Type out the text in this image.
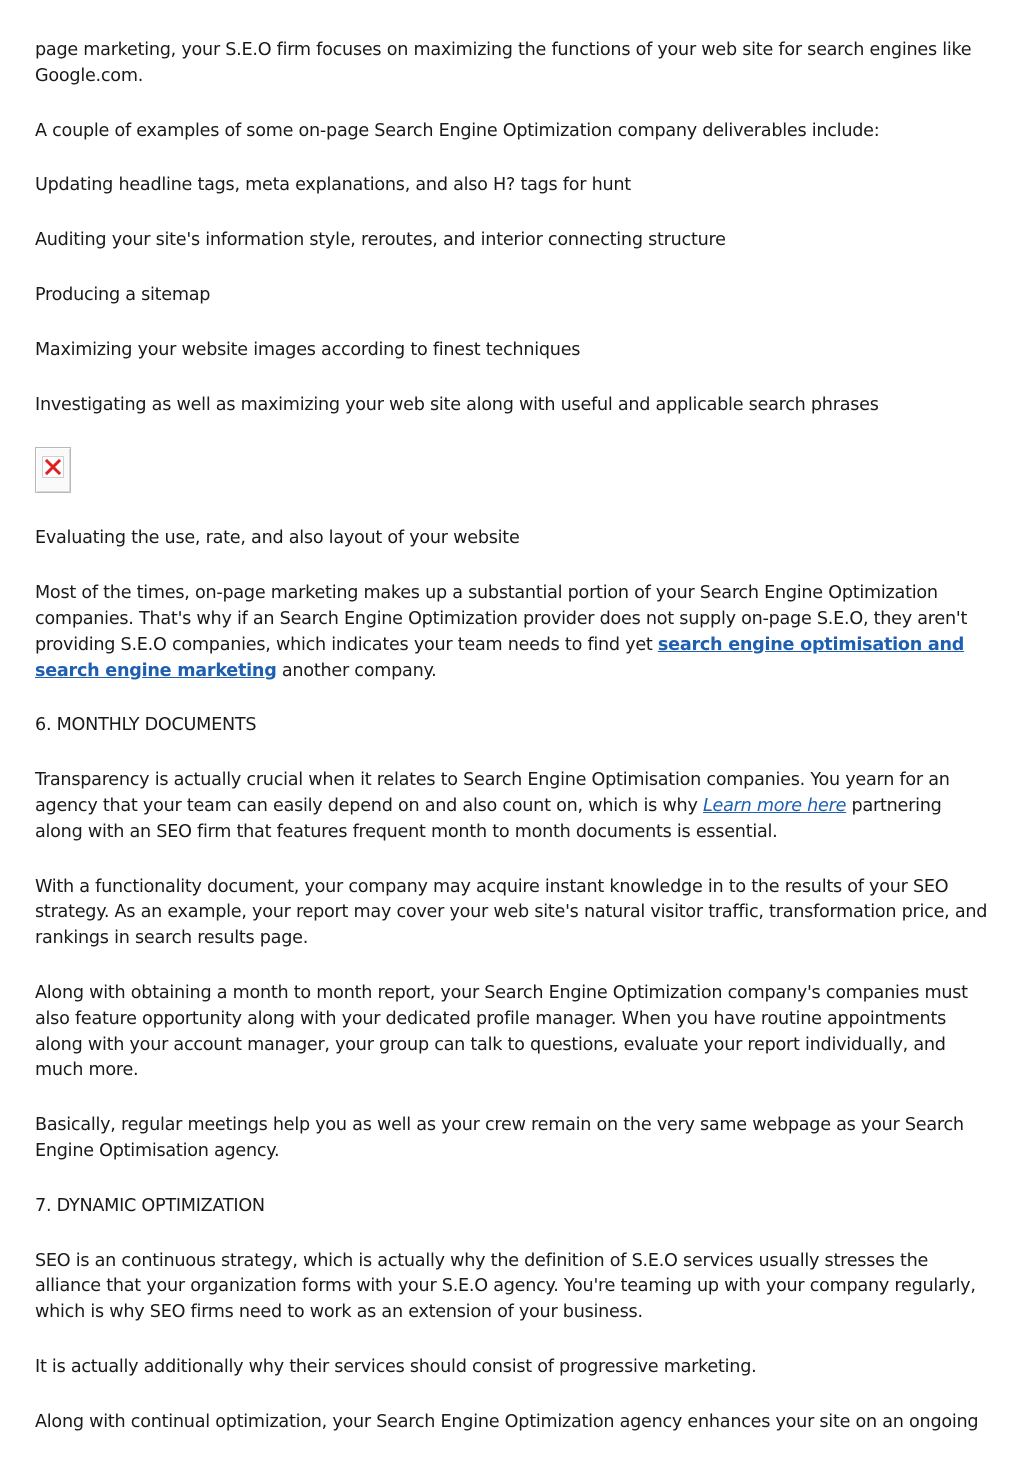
page marketing, your S.E.O firm focuses on maximizing the functions of your web site for search engines like Google.com.

A couple of examples of some on-page Search Engine Optimization company deliverables include:

Updating headline tags, meta explanations, and also H? tags for hunt

Auditing your site's information style, reroutes, and interior connecting structure

Producing a sitemap

Maximizing your website images according to finest techniques

Investigating as well as maximizing your web site along with useful and applicable search phrases

Evaluating the use, rate, and also layout of your website

Most of the times, on-page marketing makes up a substantial portion of your Search Engine Optimization companies. That's why if an Search Engine Optimization provider does not supply on-page S.E.O, they aren't providing S.E.O companies, which indicates your team needs to find yet search engine optimisation and search engine marketing another company.

6. MONTHLY DOCUMENTS

Transparency is actually crucial when it relates to Search Engine Optimisation companies. You yearn for an agency that your team can easily depend on and also count on, which is why Learn more here partnering along with an SEO firm that features frequent month to month documents is essential.

With a functionality document, your company may acquire instant knowledge in to the results of your SEO strategy. As an example, your report may cover your web site's natural visitor traffic, transformation price, and rankings in search results page.

Along with obtaining a month to month report, your Search Engine Optimization company's companies must also feature opportunity along with your dedicated profile manager. When you have routine appointments along with your account manager, your group can talk to questions, evaluate your report individually, and much more.

Basically, regular meetings help you as well as your crew remain on the very same webpage as your Search Engine Optimisation agency.

7. DYNAMIC OPTIMIZATION

SEO is an continuous strategy, which is actually why the definition of S.E.O services usually stresses the alliance that your organization forms with your S.E.O agency. You're teaming up with your company regularly, which is why SEO firms need to work as an extension of your business.

It is actually additionally why their services should consist of progressive marketing.

Along with continual optimization, your Search Engine Optimization agency enhances your site on an ongoing
